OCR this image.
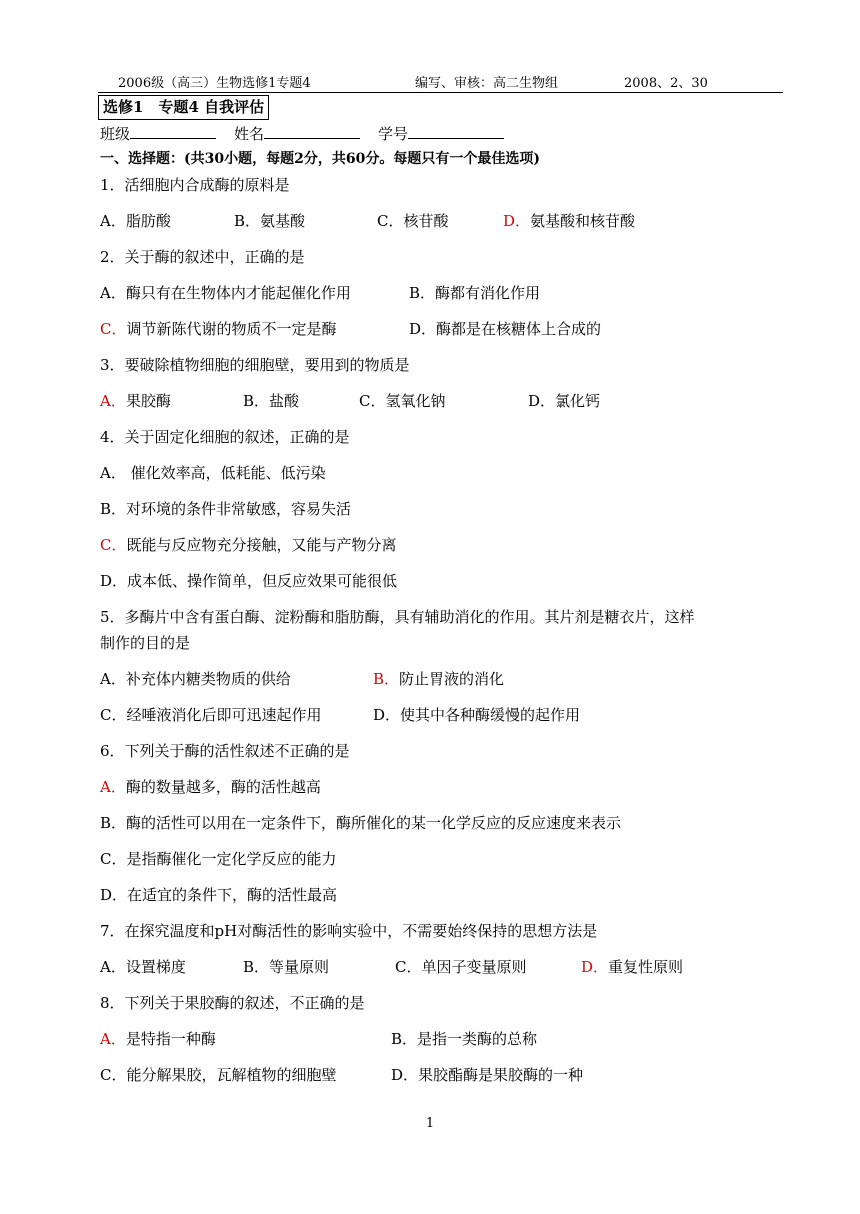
2006级（高三）生物选修1专题4	编写、审核：高二生物组	2008、2、30
选修1　专题4 自我评估
班级	姓名	学号
一、选择题：(共30小题，每题2分，共60分。每题只有一个最佳选项)
1．活细胞内合成酶的原料是
A．脂肪酸	B．氨基酸	C．核苷酸	D．氨基酸和核苷酸
2．关于酶的叙述中，正确的是
A．酶只有在生物体内才能起催化作用	B．酶都有消化作用
C．调节新陈代谢的物质不一定是酶	D．酶都是在核糖体上合成的
3．要破除植物细胞的细胞壁，要用到的物质是
A．果胶酶	B．盐酸	C．氢氧化钠	D．氯化钙
4．关于固定化细胞的叙述，正确的是
A． 催化效率高，低耗能、低污染
B．对环境的条件非常敏感，容易失活
C．既能与反应物充分接触，又能与产物分离
D．成本低、操作简单，但反应效果可能很低
5．多酶片中含有蛋白酶、淀粉酶和脂肪酶，具有辅助消化的作用。其片剂是糖衣片，这样
制作的目的是
A．补充体内糖类物质的供给	B．防止胃液的消化
C．经唾液消化后即可迅速起作用	D．使其中各种酶缓慢的起作用
6．下列关于酶的活性叙述不正确的是
A．酶的数量越多，酶的活性越高
B．酶的活性可以用在一定条件下，酶所催化的某一化学反应的反应速度来表示
C．是指酶催化一定化学反应的能力
D．在适宜的条件下，酶的活性最高
7．在探究温度和pH对酶活性的影响实验中，不需要始终保持的思想方法是
A．设置梯度	B．等量原则	C．单因子变量原则	D．重复性原则
8．下列关于果胶酶的叙述，不正确的是
A．是特指一种酶	B．是指一类酶的总称
C．能分解果胶，瓦解植物的细胞壁	D．果胶酯酶是果胶酶的一种
1
